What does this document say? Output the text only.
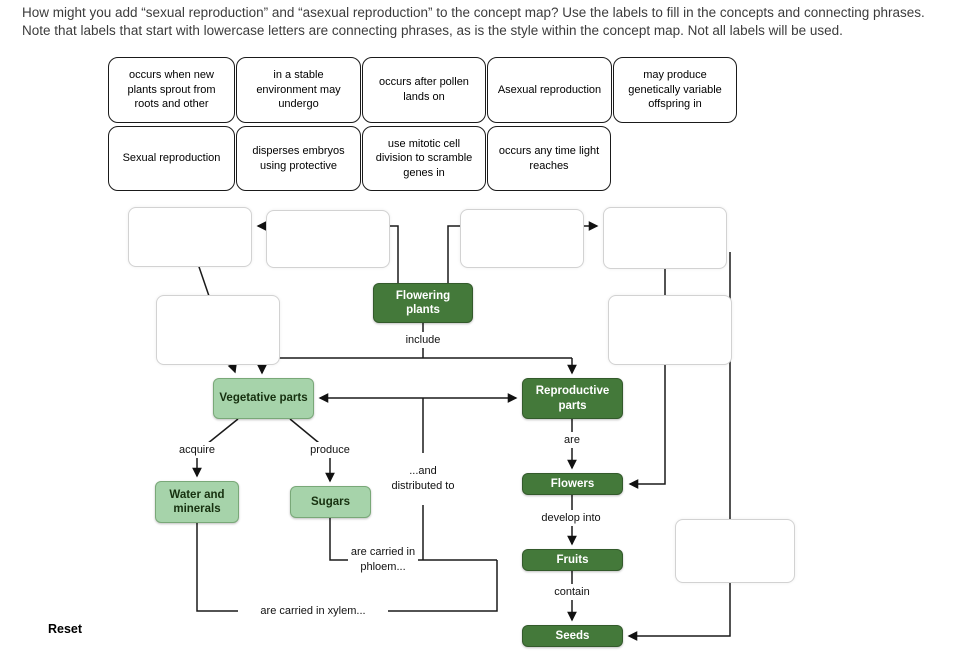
How might you add “sexual reproduction” and “asexual reproduction” to the concept map? Use the labels to fill in the concepts and connecting phrases. Note that labels that start with lowercase letters are connecting phrases, as is the style within the concept map. Not all labels will be used.
occurs when new plants sprout from roots and other
in a stable environment may undergo
occurs after pollen lands on
Asexual reproduction
may produce genetically variable offspring in
Sexual reproduction
disperses embryos using protective
use mitotic cell division to scramble genes in
occurs any time light reaches
Flowering plants
Vegetative parts
Reproductive parts
Water and minerals
Sugars
Flowers
Fruits
Seeds
include
acquire	produce
...and distributed to
are
develop into
contain
are carried in phloem...
are carried in xylem...
Reset
